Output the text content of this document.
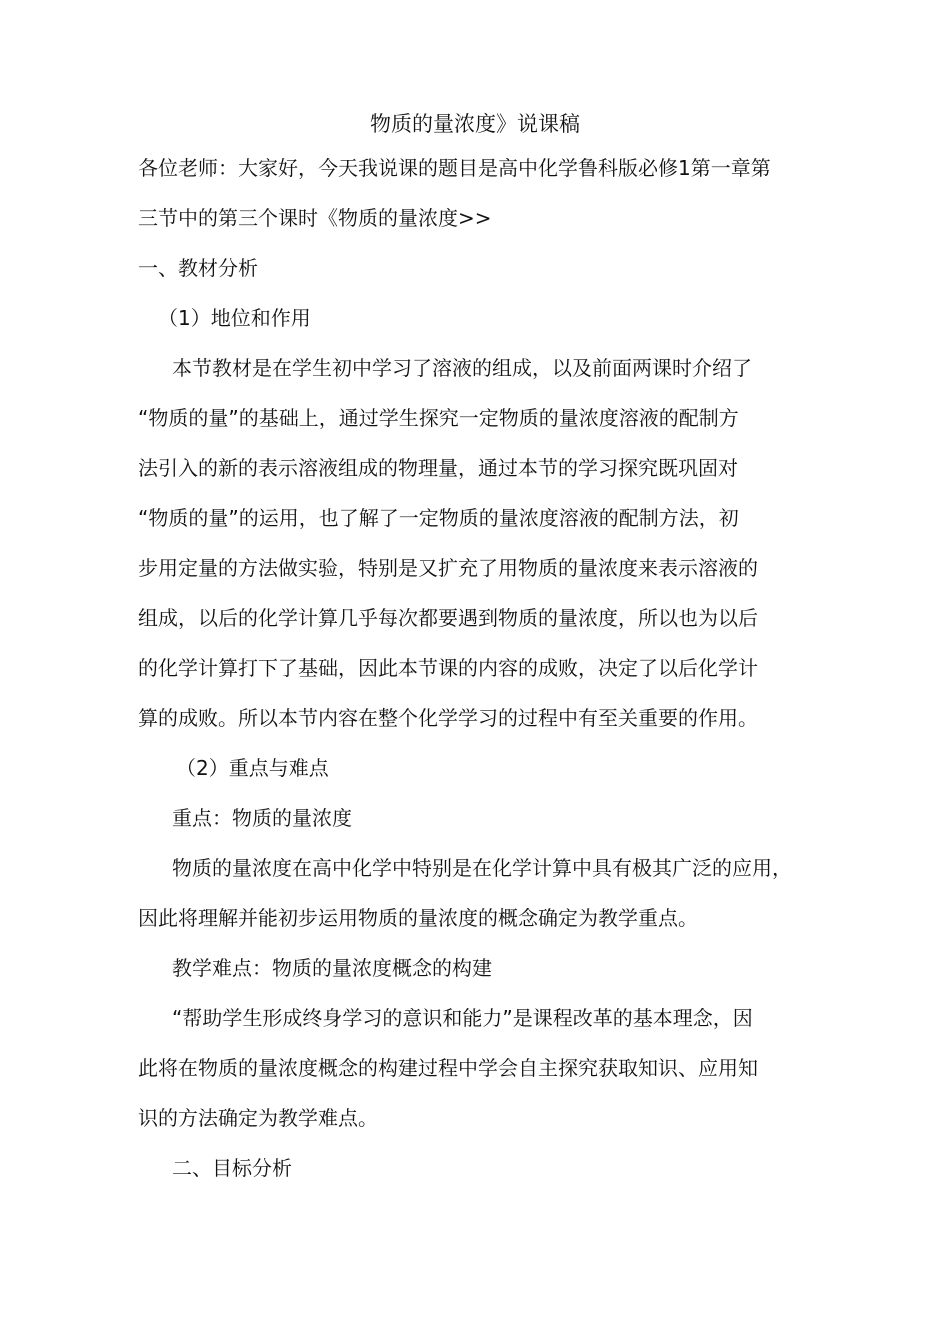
物质的量浓度》说课稿
各位老师：大家好，今天我说课的题目是高中化学鲁科版必修1第一章第
三节中的第三个课时《物质的量浓度>>
一、教材分析
（1）地位和作用
本节教材是在学生初中学习了溶液的组成，以及前面两课时介绍了
“物质的量”的基础上，通过学生探究一定物质的量浓度溶液的配制方
法引入的新的表示溶液组成的物理量，通过本节的学习探究既巩固对
“物质的量”的运用，也了解了一定物质的量浓度溶液的配制方法，初
步用定量的方法做实验，特别是又扩充了用物质的量浓度来表示溶液的
组成，以后的化学计算几乎每次都要遇到物质的量浓度，所以也为以后
的化学计算打下了基础，因此本节课的内容的成败，决定了以后化学计
算的成败。所以本节内容在整个化学学习的过程中有至关重要的作用。
（2）重点与难点
重点：物质的量浓度
物质的量浓度在高中化学中特别是在化学计算中具有极其广泛的应用，
因此将理解并能初步运用物质的量浓度的概念确定为教学重点。
教学难点：物质的量浓度概念的构建
“帮助学生形成终身学习的意识和能力”是课程改革的基本理念，因
此将在物质的量浓度概念的构建过程中学会自主探究获取知识、应用知
识的方法确定为教学难点。
二、目标分析
